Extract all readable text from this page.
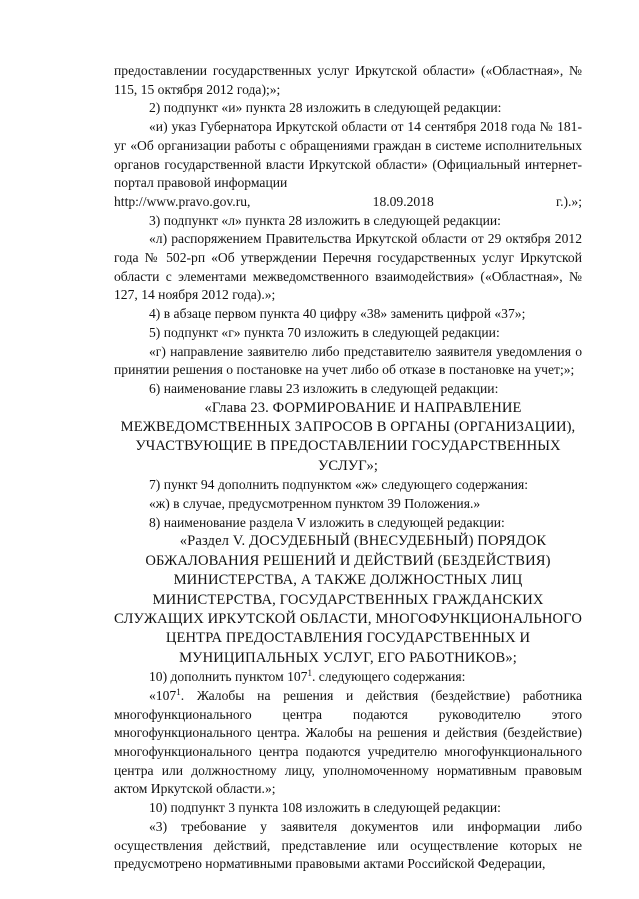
предоставлении государственных услуг Иркутской области» («Областная», № 115, 15 октября 2012 года);»;

2) подпункт «и» пункта 28 изложить в следующей редакции:

«и) указ Губернатора Иркутской области от 14 сентября 2018 года № 181-уг «Об организации работы с обращениями граждан в системе исполнительных органов государственной власти Иркутской области» (Официальный интернет-портал правовой информации

http://www.pravo.gov.ru, 18.09.2018 г.).»;

3) подпункт «л» пункта 28 изложить в следующей редакции:

«л) распоряжением Правительства Иркутской области от 29 октября 2012 года № 502-рп «Об утверждении Перечня государственных услуг Иркутской области с элементами межведомственного взаимодействия» («Областная», № 127, 14 ноября 2012 года).»;

4) в абзаце первом пункта 40 цифру «38» заменить цифрой «37»;

5) подпункт «г» пункта 70 изложить в следующей редакции:

«г) направление заявителю либо представителю заявителя уведомления о принятии решения о постановке на учет либо об отказе в постановке на учет;»;

6) наименование главы 23 изложить в следующей редакции:

«Глава 23. ФОРМИРОВАНИЕ И НАПРАВЛЕНИЕ
МЕЖВЕДОМСТВЕННЫХ ЗАПРОСОВ В ОРГАНЫ (ОРГАНИЗАЦИИ), УЧАСТВУЮЩИЕ В ПРЕДОСТАВЛЕНИИ ГОСУДАРСТВЕННЫХ УСЛУГ»;

7) пункт 94 дополнить подпунктом «ж» следующего содержания:

«ж) в случае, предусмотренном пунктом 39 Положения.»

8) наименование раздела V изложить в следующей редакции:

«Раздел V. ДОСУДЕБНЫЙ (ВНЕСУДЕБНЫЙ) ПОРЯДОК
ОБЖАЛОВАНИЯ РЕШЕНИЙ И ДЕЙСТВИЙ (БЕЗДЕЙСТВИЯ) МИНИСТЕРСТВА, А ТАКЖЕ ДОЛЖНОСТНЫХ ЛИЦ МИНИСТЕРСТВА, ГОСУДАРСТВЕННЫХ ГРАЖДАНСКИХ СЛУЖАЩИХ ИРКУТСКОЙ ОБЛАСТИ, МНОГОФУНКЦИОНАЛЬНОГО ЦЕНТРА ПРЕДОСТАВЛЕНИЯ ГОСУДАРСТВЕННЫХ И МУНИЦИПАЛЬНЫХ УСЛУГ, ЕГО РАБОТНИКОВ»;

10) дополнить пунктом $107^1$. следующего содержания:

«$107^1$. Жалобы на решения и действия (бездействие) работника многофункционального центра подаются руководителю этого многофункционального центра. Жалобы на решения и действия (бездействие) многофункционального центра подаются учредителю многофункционального центра или должностному лицу, уполномоченному нормативным правовым актом Иркутской области.»;

10) подпункт 3 пункта 108 изложить в следующей редакции:

«3) требование у заявителя документов или информации либо осуществления действий, представление или осуществление которых не предусмотрено нормативными правовыми актами Российской Федерации,
